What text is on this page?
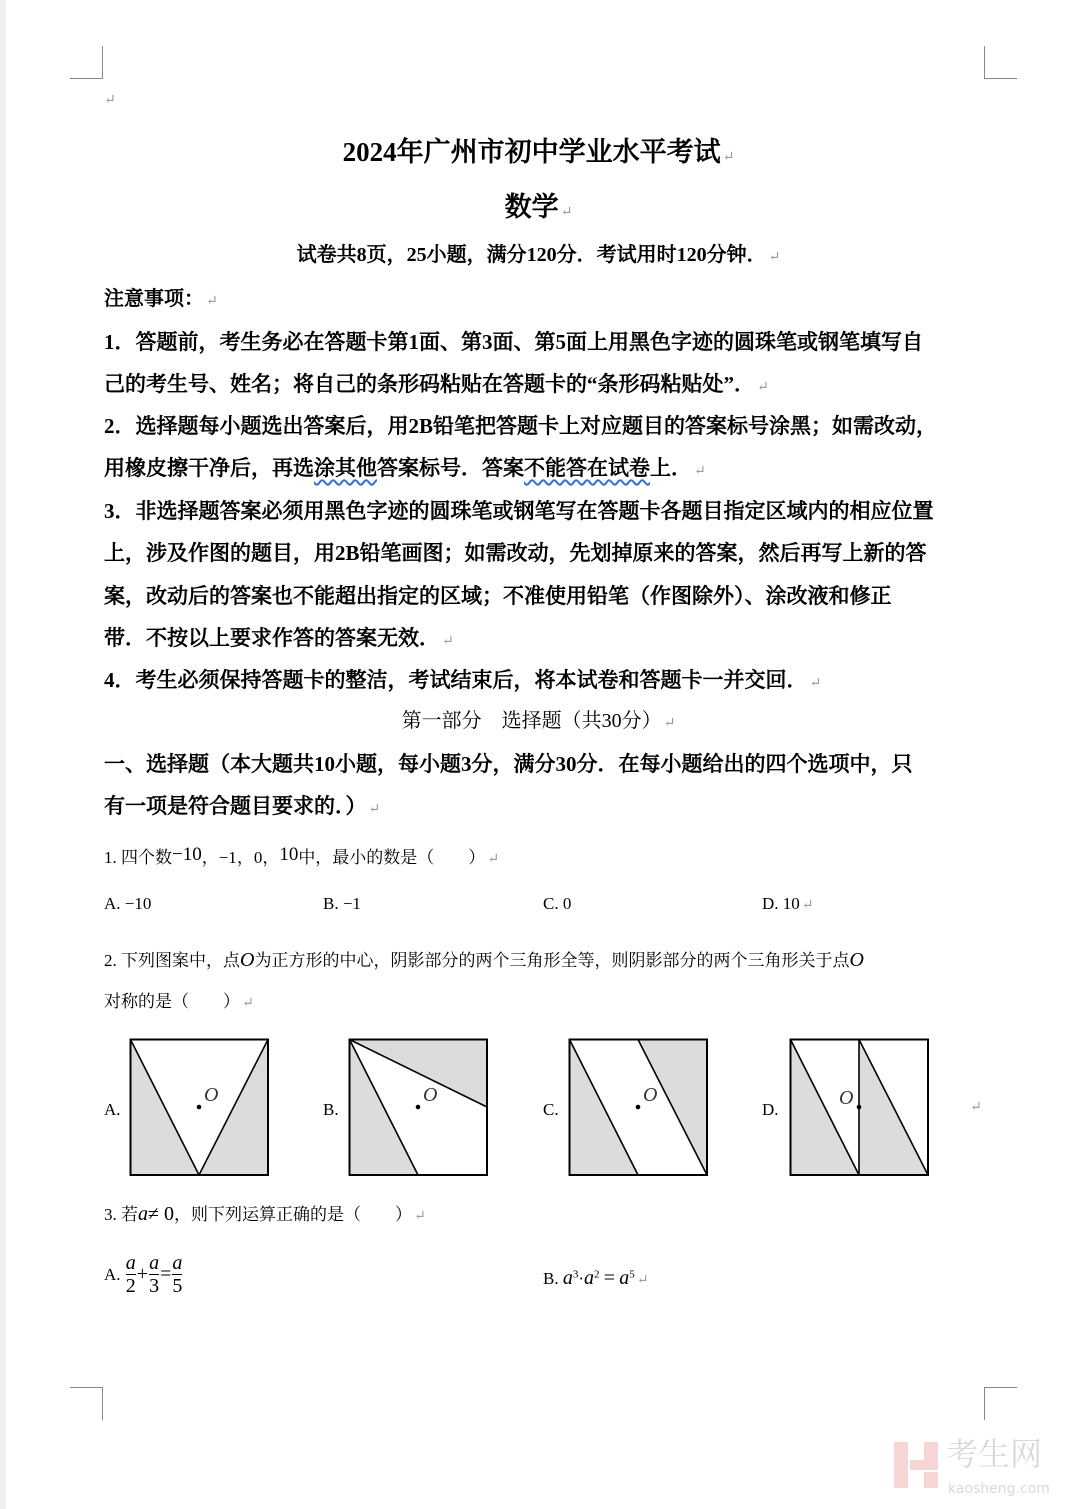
↵
2024年广州市初中学业水平考试 ↵
数学 ↵
试卷共8页，25小题，满分120分．考试用时120分钟． ↵
注意事项： ↵
1．答题前，考生务必在答题卡第1面、第3面、第5面上用黑色字迹的圆珠笔或钢笔填写自
己的考生号、姓名；将自己的条形码粘贴在答题卡的“条形码粘贴处”． ↵
2．选择题每小题选出答案后，用2B铅笔把答题卡上对应题目的答案标号涂黑；如需改动，
用橡皮擦干净后，再选涂其他答案标号．答案不能答在试卷上． ↵
3．非选择题答案必须用黑色字迹的圆珠笔或钢笔写在答题卡各题目指定区域内的相应位置
上，涉及作图的题目，用2B铅笔画图；如需改动，先划掉原来的答案，然后再写上新的答
案，改动后的答案也不能超出指定的区域；不准使用铅笔（作图除外）、涂改液和修正
带．不按以上要求作答的答案无效． ↵
4．考生必须保持答题卡的整洁，考试结束后，将本试卷和答题卡一并交回． ↵
第一部分　选择题（共30分） ↵
一、选择题（本大题共10小题，每小题3分，满分30分．在每小题给出的四个选项中，只
有一项是符合题目要求的．） ↵
1. 四个数−10，−1，0，10中，最小的数是（　　） ↵
A. −10	B. −1	C. 0	D. 10 ↵
2. 下列图案中，点O为正方形的中心，阴影部分的两个三角形全等，则阴影部分的两个三角形关于点O
对称的是（　　） ↵
A.	B.	C.	D.	↵
O	O	O	O
3. 若a≠ 0，则下列运算正确的是（　　） ↵
A. $\frac{a}{2} + \frac{a}{3} = \frac{a}{5}$	B. $a^3\cdot a^2 = a^5$ ↵
考生网
kaosheng.com
